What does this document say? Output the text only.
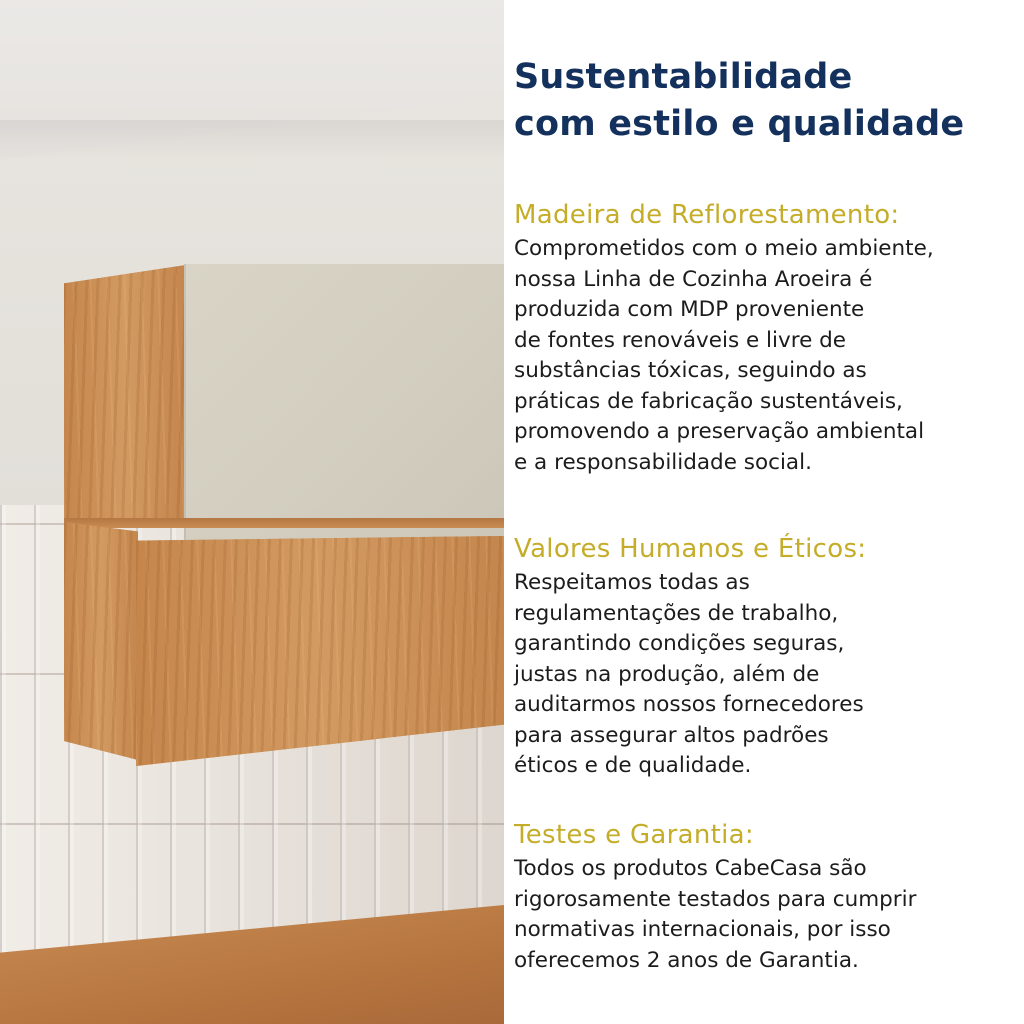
Sustentabilidade
com estilo e qualidade
Madeira de Reflorestamento:

Comprometidos com o meio ambiente,
nossa Linha de Cozinha Aroeira é
produzida com MDP proveniente
de fontes renováveis e livre de
substâncias tóxicas, seguindo as
práticas de fabricação sustentáveis,
promovendo a preservação ambiental
e a responsabilidade social.

Valores Humanos e Éticos:

Respeitamos todas as
regulamentações de trabalho,
garantindo condições seguras,
justas na produção, além de
auditarmos nossos fornecedores
para assegurar altos padrões
éticos e de qualidade.

Testes e Garantia:

Todos os produtos CabeCasa são
rigorosamente testados para cumprir
normativas internacionais, por isso
oferecemos 2 anos de Garantia.
